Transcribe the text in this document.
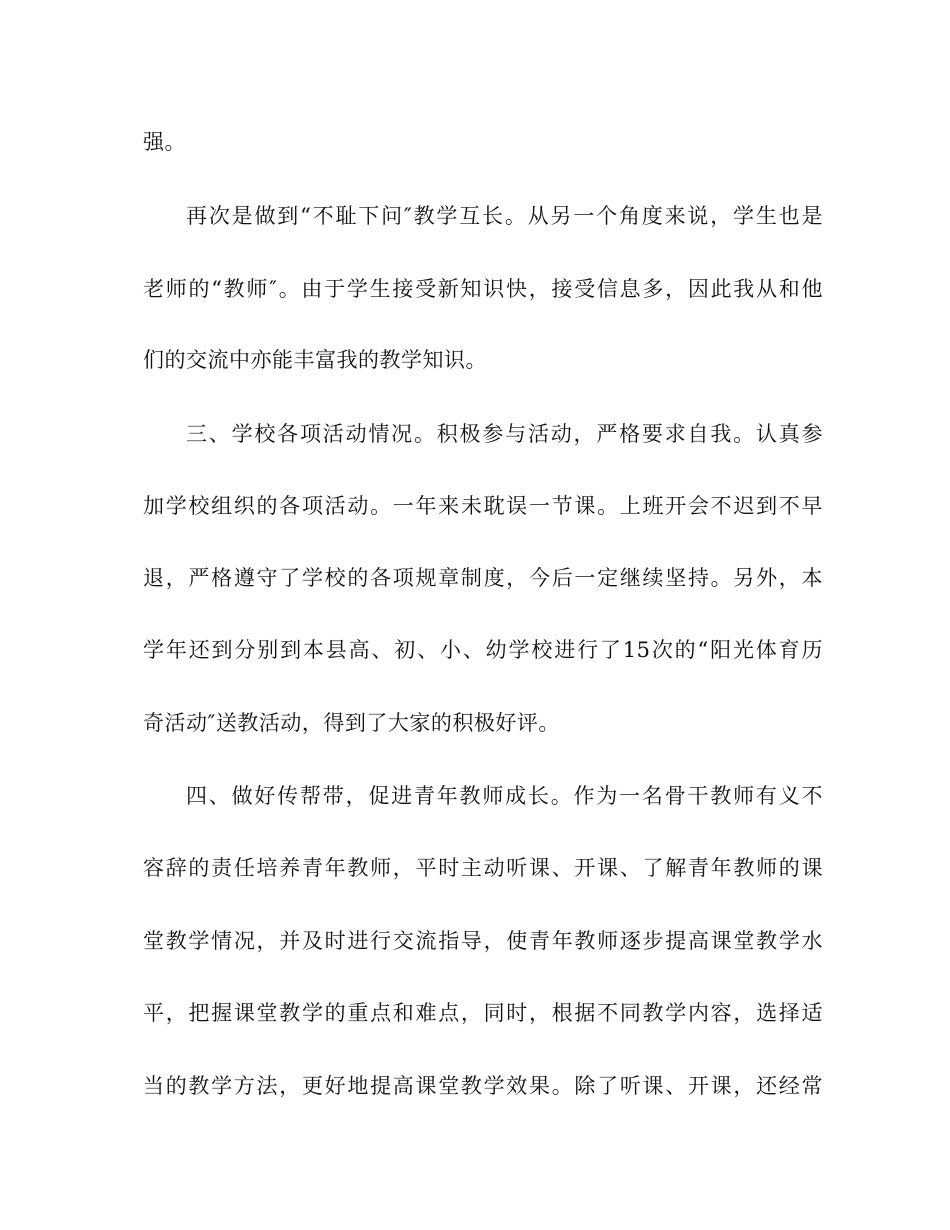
强。

再次是做到“不耻下问″教学互长。从另一个角度来说，学生也是

老师的“教师″。由于学生接受新知识快，接受信息多，因此我从和他

们的交流中亦能丰富我的教学知识。

三、学校各项活动情况。积极参与活动，严格要求自我。认真参

加学校组织的各项活动。一年来未耽误一节课。上班开会不迟到不早

退，严格遵守了学校的各项规章制度，今后一定继续坚持。另外，本

学年还到分别到本县高、初、小、幼学校进行了15次的“阳光体育历

奇活动″送教活动，得到了大家的积极好评。

四、做好传帮带，促进青年教师成长。作为一名骨干教师有义不

容辞的责任培养青年教师，平时主动听课、开课、了解青年教师的课

堂教学情况，并及时进行交流指导，使青年教师逐步提高课堂教学水

平，把握课堂教学的重点和难点，同时，根据不同教学内容，选择适

当的教学方法，更好地提高课堂教学效果。除了听课、开课，还经常
